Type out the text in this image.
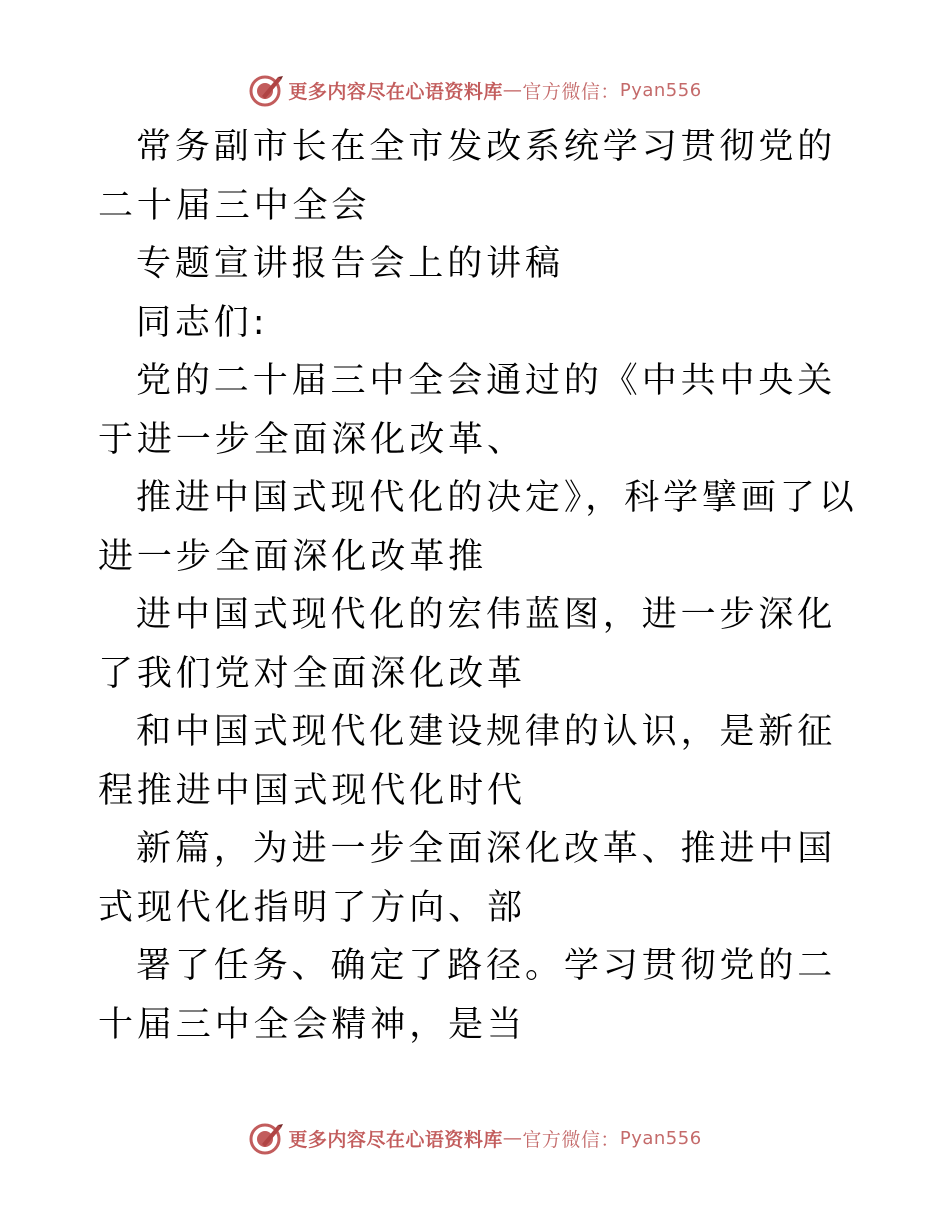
更多内容尽在心语资料库 — 官方微信： Pyan556

常务副市长在全市发改系统学习贯彻党的二十届三中全会

专题宣讲报告会上的讲稿

同志们:

党的二十届三中全会通过的《中共中央关于进一步全面深化改革、

推进中国式现代化的决定》，科学擘画了以进一步全面深化改革推

进中国式现代化的宏伟蓝图，进一步深化了我们党对全面深化改革

和中国式现代化建设规律的认识，是新征程推进中国式现代化时代

新篇，为进一步全面深化改革、推进中国式现代化指明了方向、部

署了任务、确定了路径。学习贯彻党的二十届三中全会精神，是当

更多内容尽在心语资料库 — 官方微信： Pyan556
